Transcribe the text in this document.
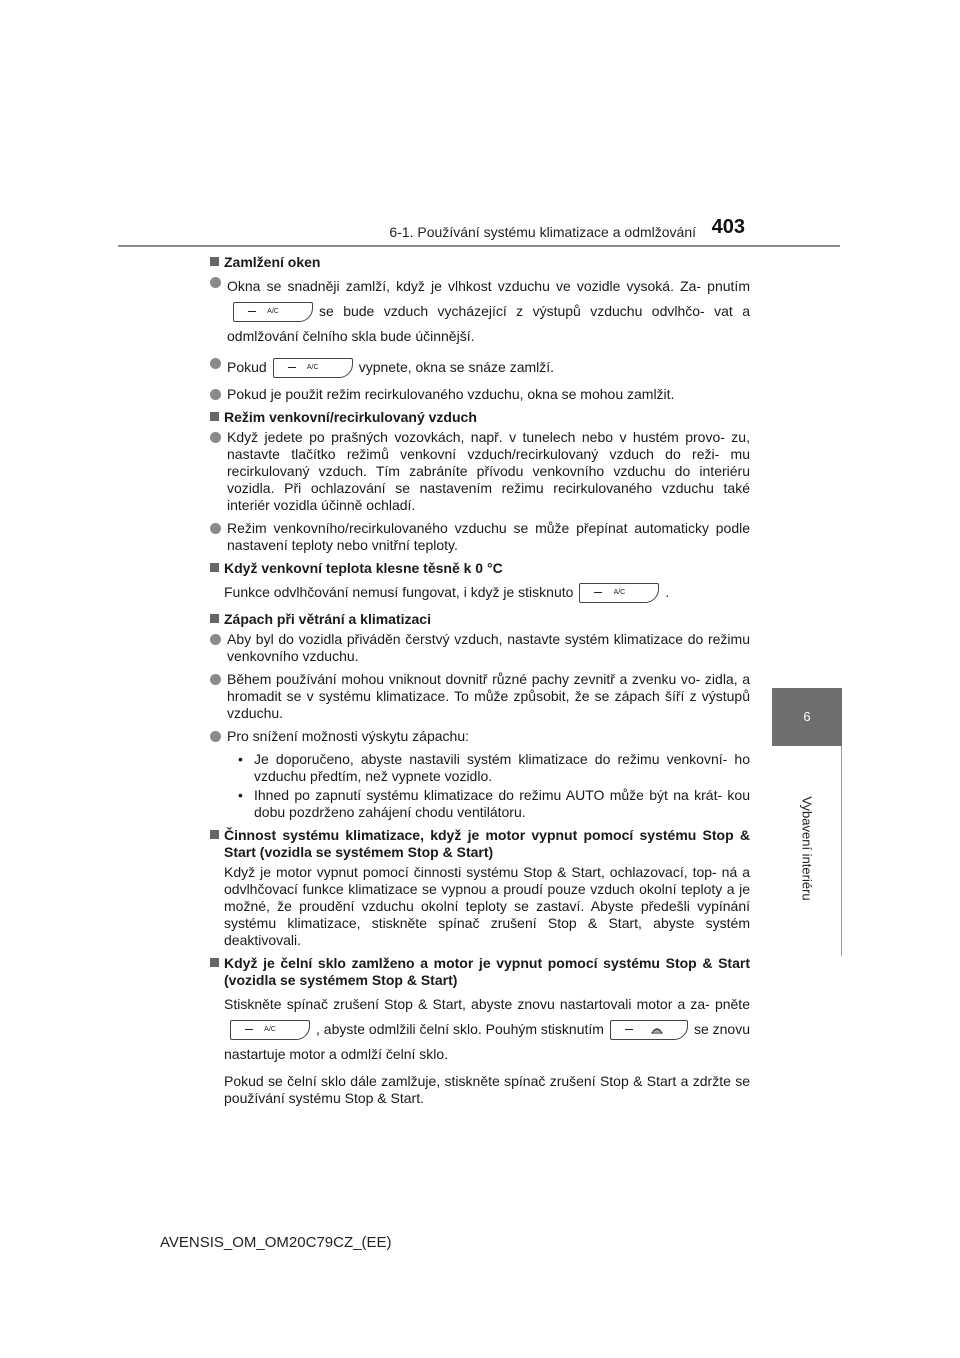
6-1. Používání systému klimatizace a odmlžování 403
6
Vybavení interiéru
Zamlžení oken
Okna se snadněji zamlží, když je vlhkost vzduchu ve vozidle vysoká. Za- pnutím
A/C	se bude vzduch vycházející z výstupů vzduchu odvlhčo- vat a odmlžování čelního skla bude účinnější.
Pokud	A/C	vypnete, okna se snáze zamlží.
Pokud je použit režim recirkulovaného vzduchu, okna se mohou zamlžit.
Režim venkovní/recirkulovaný vzduch
Když jedete po prašných vozovkách, např. v tunelech nebo v hustém provo- zu, nastavte tlačítko režimů venkovní vzduch/recirkulovaný vzduch do reži- mu recirkulovaný vzduch. Tím zabráníte přívodu venkovního vzduchu do interiéru vozidla. Při ochlazování se nastavením režimu recirkulovaného vzduchu také interiér vozidla účinně ochladí.
Režim venkovního/recirkulovaného vzduchu se může přepínat automaticky podle nastavení teploty nebo vnitřní teploty.
Když venkovní teplota klesne těsně k 0 °C
Funkce odvlhčování nemusí fungovat, i když je stisknuto	A/C	.
Zápach při větrání a klimatizaci
Aby byl do vozidla přiváděn čerstvý vzduch, nastavte systém klimatizace do režimu venkovního vzduchu.
Během používání mohou vniknout dovnitř různé pachy zevnitř a zvenku vo- zidla, a hromadit se v systému klimatizace. To může způsobit, že se zápach šíří z výstupů vzduchu.
Pro snížení možnosti výskytu zápachu:
• Je doporučeno, abyste nastavili systém klimatizace do režimu venkovní- ho vzduchu předtím, než vypnete vozidlo.
• Ihned po zapnutí systému klimatizace do režimu AUTO může být na krát- kou dobu pozdrženo zahájení chodu ventilátoru.
Činnost systému klimatizace, když je motor vypnut pomocí systému Stop & Start (vozidla se systémem Stop & Start)
Když je motor vypnut pomocí činnosti systému Stop & Start, ochlazovací, top- ná a odvlhčovací funkce klimatizace se vypnou a proudí pouze vzduch okolní teploty a je možné, že proudění vzduchu okolní teploty se zastaví. Abyste předešli vypínání systému klimatizace, stiskněte spínač zrušení Stop & Start, abyste systém deaktivovali.
Když je čelní sklo zamlženo a motor je vypnut pomocí systému Stop & Start (vozidla se systémem Stop & Start)
Stiskněte spínač zrušení Stop & Start, abyste znovu nastartovali motor a za- pněte
A/C	, abyste odmlžili čelní sklo. Pouhým stisknutím	se znovu nastartuje motor a odmlží čelní sklo.
Pokud se čelní sklo dále zamlžuje, stiskněte spínač zrušení Stop & Start a zdržte se používání systému Stop & Start.
AVENSIS_OM_OM20C79CZ_(EE)
